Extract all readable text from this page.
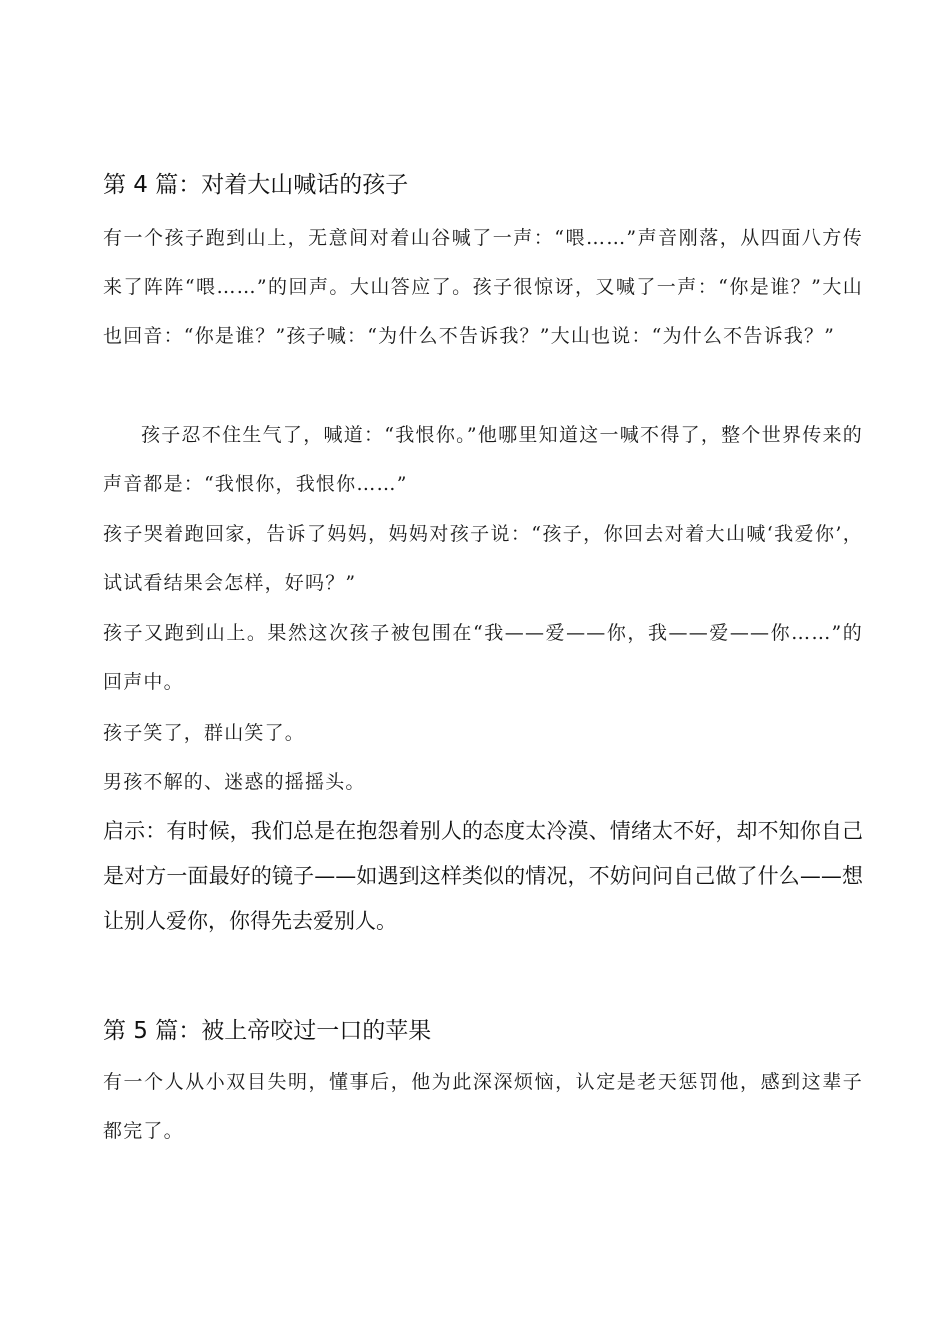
第 4 篇：对着大山喊话的孩子
有一个孩子跑到山上，无意间对着山谷喊了一声：“喂……”声音刚落，从四面八方传来了阵阵“喂……”的回声。大山答应了。孩子很惊讶，又喊了一声：“你是谁？”大山也回音：“你是谁？”孩子喊：“为什么不告诉我？”大山也说：“为什么不告诉我？”
孩子忍不住生气了，喊道：“我恨你。”他哪里知道这一喊不得了，整个世界传来的声音都是：“我恨你，我恨你……”
孩子哭着跑回家，告诉了妈妈，妈妈对孩子说：“孩子，你回去对着大山喊‘我爱你’，试试看结果会怎样，好吗？”
孩子又跑到山上。果然这次孩子被包围在“我——爱——你，我——爱——你……”的回声中。
孩子笑了，群山笑了。
男孩不解的、迷惑的摇摇头。
启示：有时候，我们总是在抱怨着别人的态度太冷漠、情绪太不好，却不知你自己是对方一面最好的镜子——如遇到这样类似的情况，不妨问问自己做了什么——想让别人爱你，你得先去爱别人。
第 5 篇：被上帝咬过一口的苹果
有一个人从小双目失明，懂事后，他为此深深烦恼，认定是老天惩罚他，感到这辈子都完了。
